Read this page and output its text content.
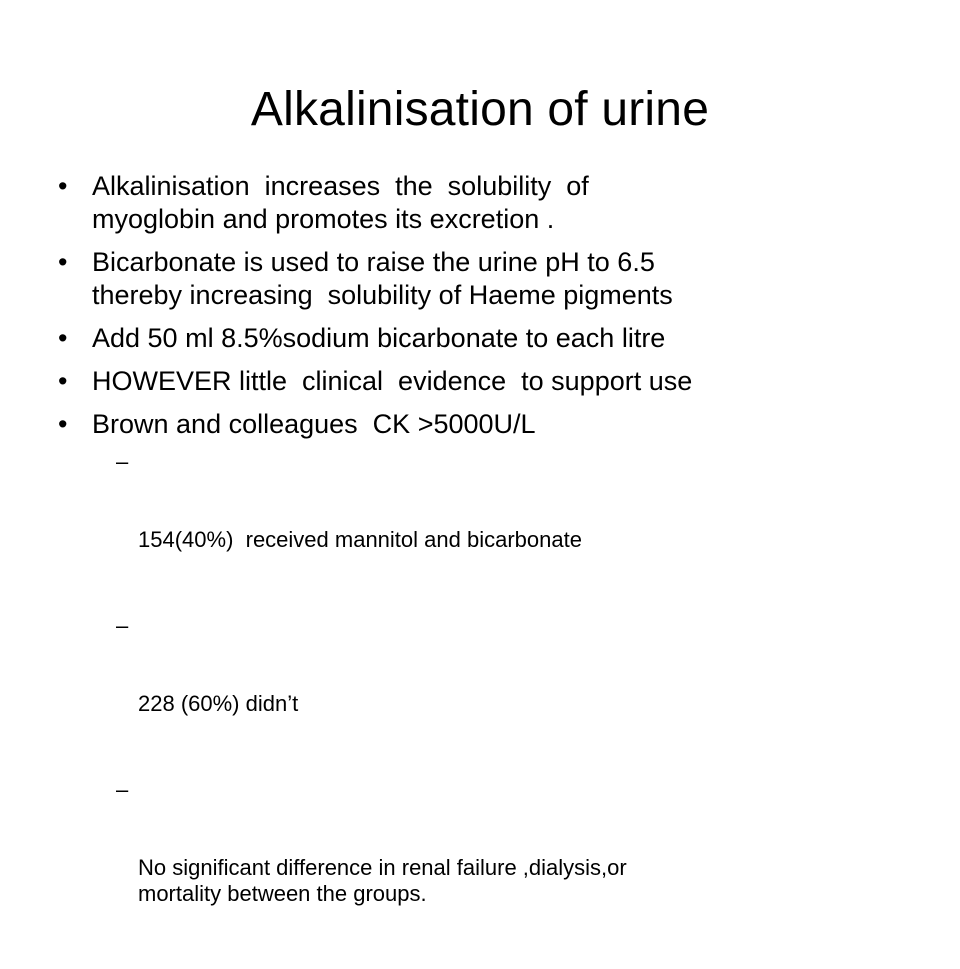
Alkalinisation of urine
• Alkalinisation  increases  the  solubility  of
myoglobin and promotes its excretion .
• Bicarbonate is used to raise the urine pH to 6.5
thereby increasing  solubility of Haeme pigments
• Add 50 ml 8.5%sodium bicarbonate to each litre
• HOWEVER little  clinical  evidence  to support use
• Brown and colleagues  CK >5000U/L

–

154(40%)  received mannitol and bicarbonate

–

228 (60%) didn’t

–

No significant difference in renal failure ,dialysis,or
mortality between the groups.
